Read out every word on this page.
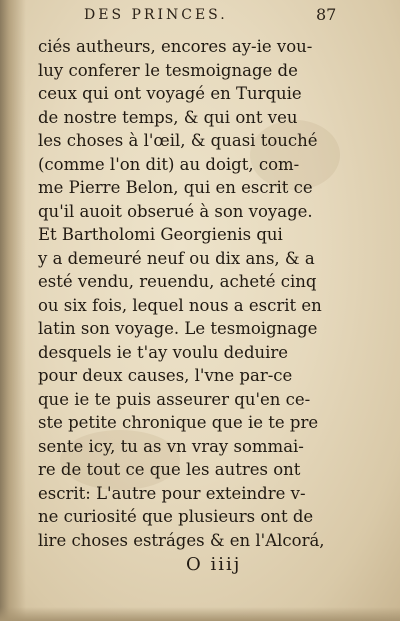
DES PRINCES.	87
ciés autheurs, encores ay-ie vou-
luy conferer le tesmoignage de
ceux qui ont voyagé en Turquie
de nostre temps, & qui ont veu
les choses à l'œil, & quasi touché
(comme l'on dit) au doigt, com-
me Pierre Belon, qui en escrit ce
qu'il auoit obserué à son voyage.
Et Bartholomi Georgienis qui
y a demeuré neuf ou dix ans, & a
esté vendu, reuendu, acheté cinq
ou six fois, lequel nous a escrit en
latin son voyage. Le tesmoignage
desquels ie t'ay voulu deduire
pour deux causes, l'vne par-ce
que ie te puis asseurer qu'en ce-
ste petite chronique que ie te pre
sente icy, tu as vn vray sommai-
re de tout ce que les autres ont
escrit: L'autre pour exteindre v-
ne curiosité que plusieurs ont de
lire choses estráges & en l'Alcorá,
O iiij
